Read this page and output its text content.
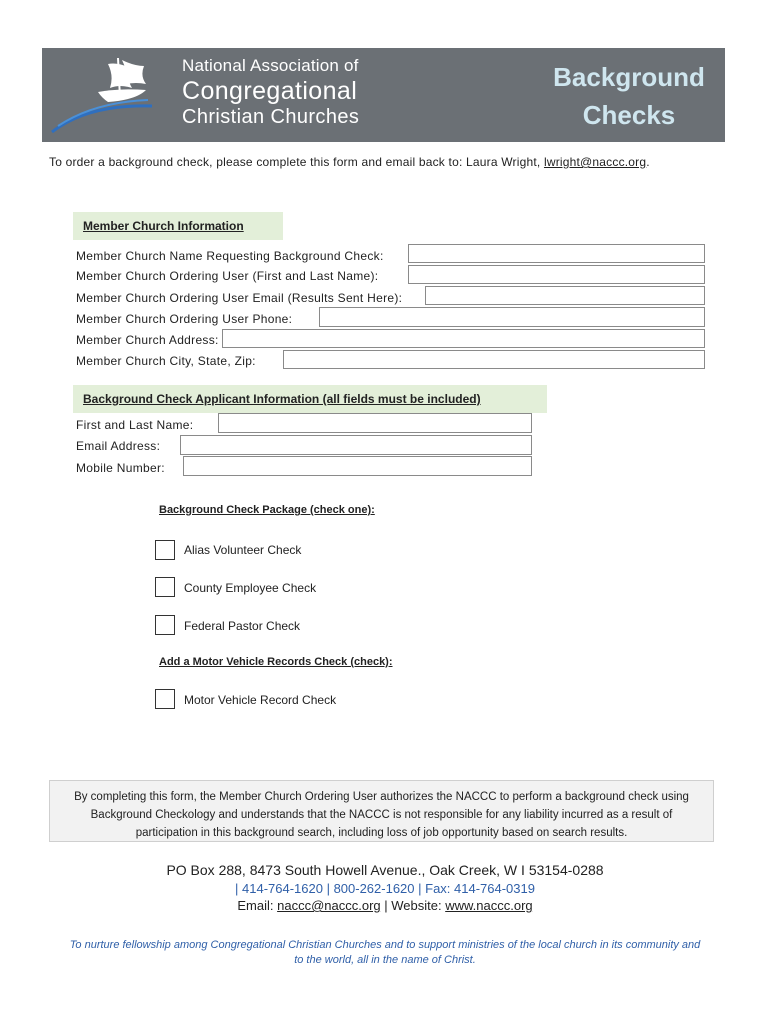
National Association of
Congregational
Christian Churches
Background
Checks
To order a background check, please complete this form and email back to: Laura Wright, lwright@naccc.org.
Member Church Information
Member Church Name Requesting Background Check:
Member Church Ordering User (First and Last Name):
Member Church Ordering User Email (Results Sent Here):
Member Church Ordering User Phone:
Member Church Address:
Member Church City, State, Zip:
Background Check Applicant Information (all fields must be included)
First and Last Name:
Email Address:
Mobile Number:
Background Check Package (check one):
Alias Volunteer Check
County Employee Check
Federal Pastor Check
Add a Motor Vehicle Records Check (check):
Motor Vehicle Record Check
By completing this form, the Member Church Ordering User authorizes the NACCC to perform a background check using
Background Checkology and understands that the NACCC is not responsible for any liability incurred as a result of
participation in this background search, including loss of job opportunity based on search results.
PO Box 288, 8473 South Howell Avenue., Oak Creek, W I 53154-0288
| 414-764-1620 | 800-262-1620 | Fax: 414-764-0319
Email: naccc@naccc.org | Website: www.naccc.org
To nurture fellowship among Congregational Christian Churches and to support ministries of the local church in its community and
to the world, all in the name of Christ.
